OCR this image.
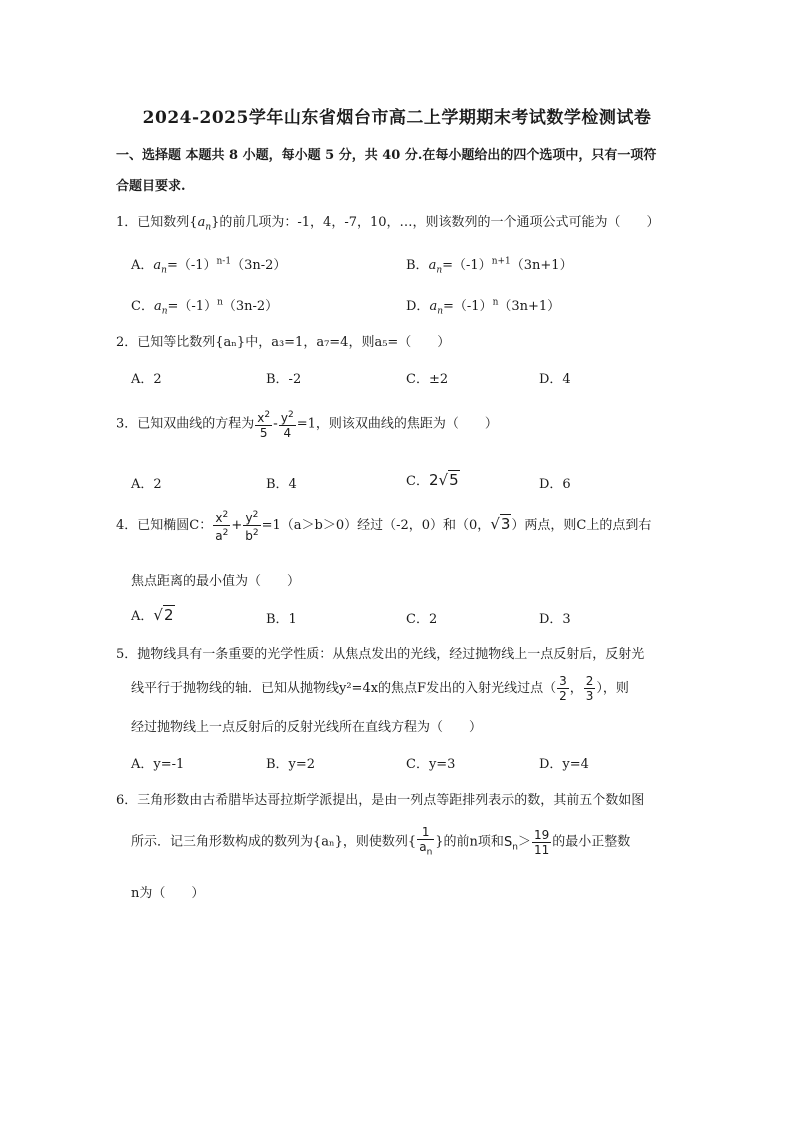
2024-2025学年山东省烟台市高二上学期期末考试数学检测试卷
一、选择题 本题共 8 小题，每小题 5 分，共 40 分.在每小题给出的四个选项中，只有一项符
合题目要求.
1．已知数列$\{a_n\}$的前几项为：-1，4，-7，10，…，则该数列的一个通项公式可能为（　　）
A．$a_n=(-1)^{n-1}(3n-2)$	B．$a_n=(-1)^{n+1}(3n+1)$
C．$a_n=(-1)^n(3n-2)$	D．$a_n=(-1)^n(3n+1)$
2．已知等比数列{aₙ}中，a₃=1，a₇=4，则a₅=（　　）
A．2	B．-2	C．±2	D．4
3．已知双曲线的方程为 $\frac{x^2}{5} - \frac{y^2}{4} =1$，则该双曲线的焦距为（　　）
A．2	B．4	C．2√5	D．6
4．已知椭圆C： $\frac{x^2}{a^2} + \frac{y^2}{b^2} =1(a>b>0)$经过（-2，0）和（0，√3）两点，则C上的点到右
焦点距离的最小值为（　　）
A．√2	B．1	C．2	D．3
5．抛物线具有一条重要的光学性质：从焦点发出的光线，经过抛物线上一点反射后，反射光
线平行于抛物线的轴．已知从抛物线y²=4x的焦点F发出的入射光线过点（ $\frac{3}{2}$ ， $\frac{2}{3}$ ），则
经过抛物线上一点反射后的反射光线所在直线方程为（　　）
A．y=-1	B．y=2	C．y=3	D．y=4
6．三角形数由古希腊毕达哥拉斯学派提出，是由一列点等距排列表示的数，其前五个数如图
所示．记三角形数构成的数列为{aₙ}，则使数列{ $\frac{1}{a_n}$ }的前n项和$S_n> \frac{19}{11}$ 的最小正整数
n为（　　）
